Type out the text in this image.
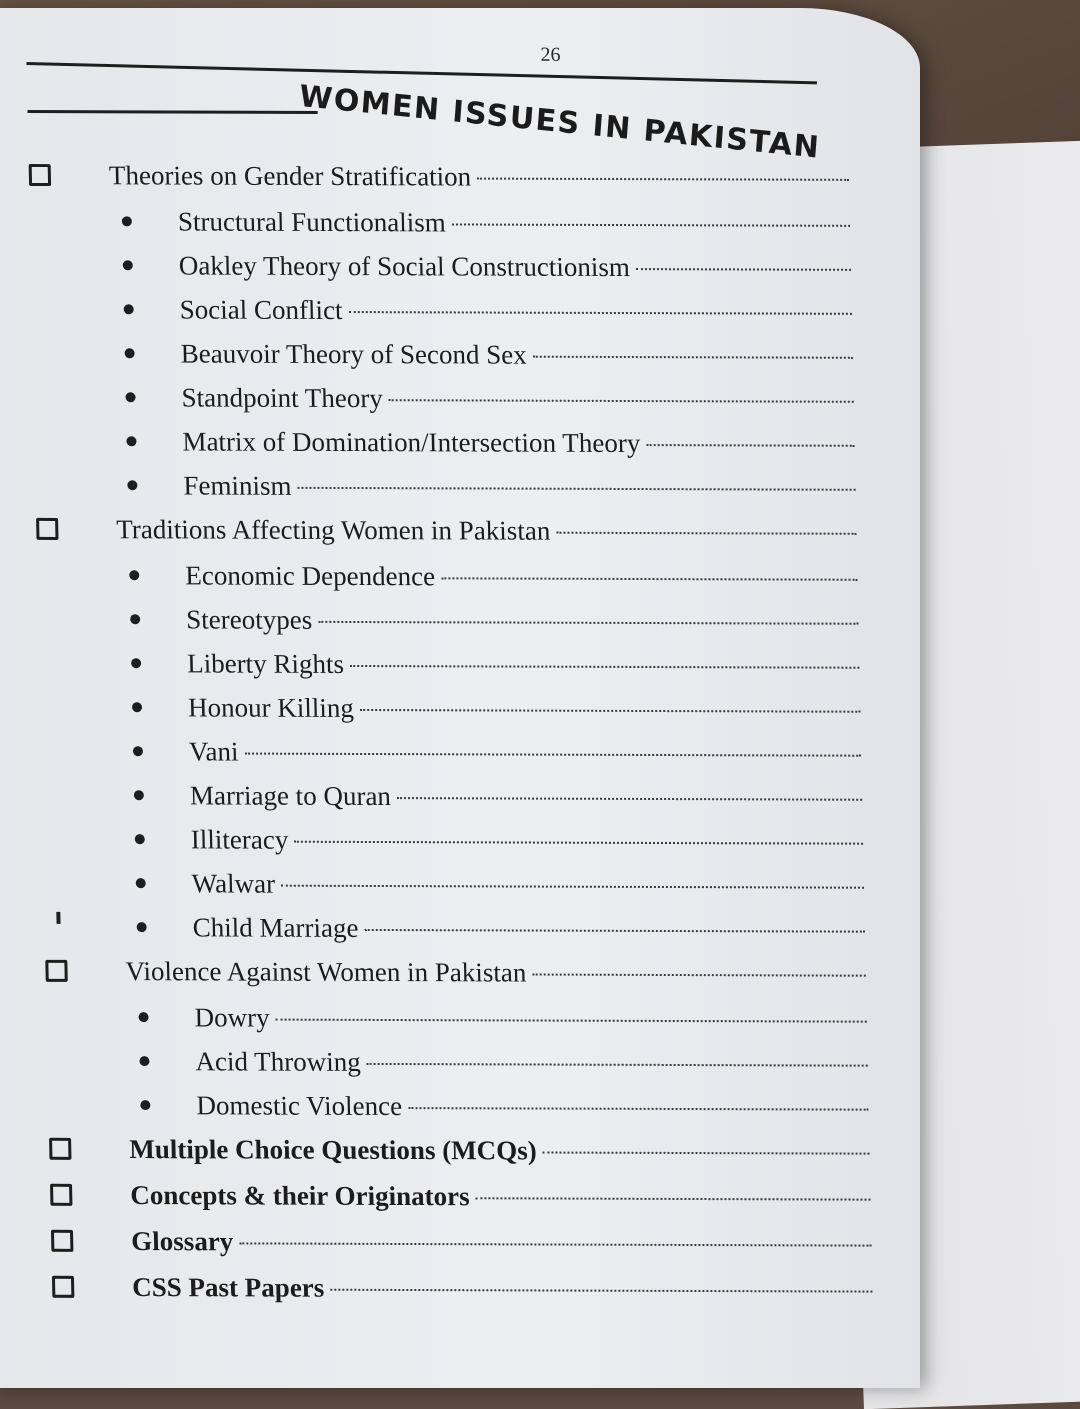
26
WOMEN ISSUES IN PAKISTAN
Theories on Gender Stratification
Structural Functionalism
Oakley Theory of Social Constructionism
Social Conflict
Beauvoir Theory of Second Sex
Standpoint Theory
Matrix of Domination/Intersection Theory
Feminism
Traditions Affecting Women in Pakistan
Economic Dependence
Stereotypes
Liberty Rights
Honour Killing
Vani
Marriage to Quran
Illiteracy
Walwar
Child Marriage
Violence Against Women in Pakistan
Dowry
Acid Throwing
Domestic Violence
Multiple Choice Questions (MCQs)
Concepts & their Originators
Glossary
CSS Past Papers
